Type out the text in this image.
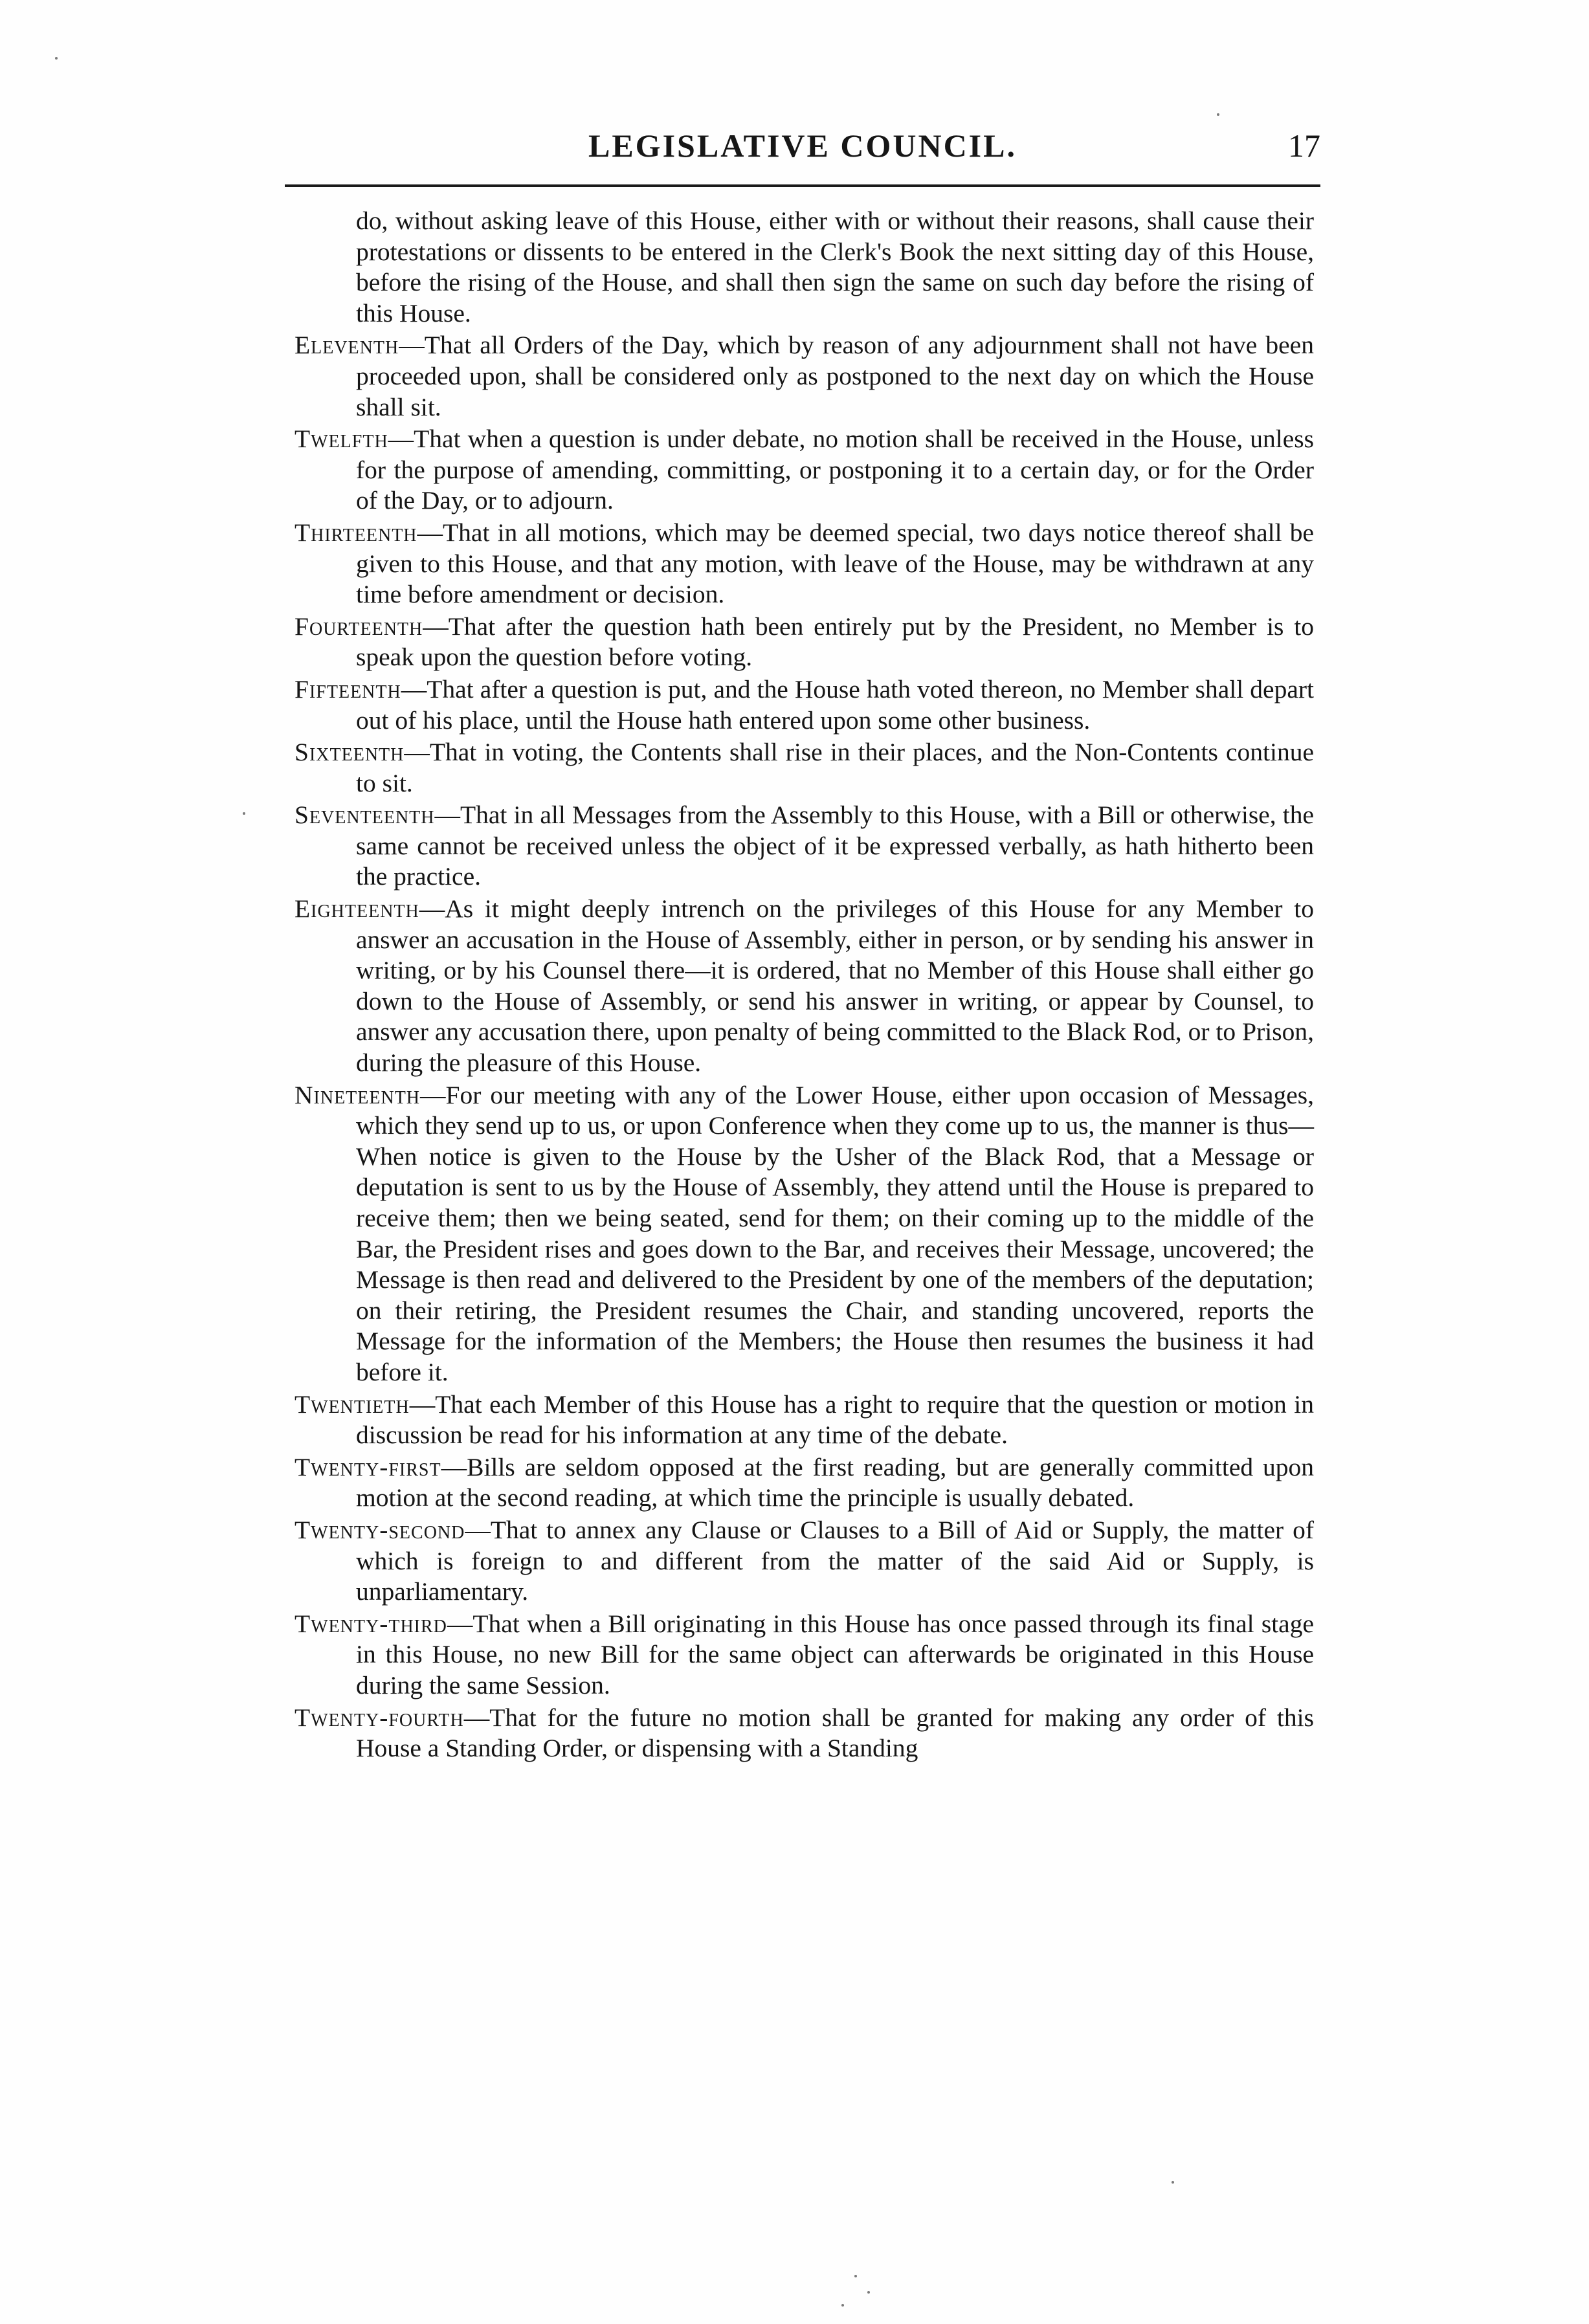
LEGISLATIVE COUNCIL.	17

do, without asking leave of this House, either with or without their reasons, shall cause their protestations or dissents to be entered in the Clerk's Book the next sitting day of this House, before the rising of the House, and shall then sign the same on such day before the rising of this House.

Eleventh—That all Orders of the Day, which by reason of any adjournment shall not have been proceeded upon, shall be considered only as postponed to the next day on which the House shall sit.

Twelfth—That when a question is under debate, no motion shall be received in the House, unless for the purpose of amending, committing, or postponing it to a certain day, or for the Order of the Day, or to adjourn.

Thirteenth—That in all motions, which may be deemed special, two days notice thereof shall be given to this House, and that any motion, with leave of the House, may be withdrawn at any time before amendment or decision.

Fourteenth—That after the question hath been entirely put by the President, no Member is to speak upon the question before voting.

Fifteenth—That after a question is put, and the House hath voted thereon, no Member shall depart out of his place, until the House hath entered upon some other business.

Sixteenth—That in voting, the Contents shall rise in their places, and the Non-Contents continue to sit.

Seventeenth—That in all Messages from the Assembly to this House, with a Bill or otherwise, the same cannot be received unless the object of it be expressed verbally, as hath hitherto been the practice.

Eighteenth—As it might deeply intrench on the privileges of this House for any Member to answer an accusation in the House of Assembly, either in person, or by sending his answer in writing, or by his Counsel there—it is ordered, that no Member of this House shall either go down to the House of Assembly, or send his answer in writing, or appear by Counsel, to answer any accusation there, upon penalty of being committed to the Black Rod, or to Prison, during the pleasure of this House.

Nineteenth—For our meeting with any of the Lower House, either upon occasion of Messages, which they send up to us, or upon Conference when they come up to us, the manner is thus—When notice is given to the House by the Usher of the Black Rod, that a Message or deputation is sent to us by the House of Assembly, they attend until the House is prepared to receive them; then we being seated, send for them; on their coming up to the middle of the Bar, the President rises and goes down to the Bar, and receives their Message, uncovered; the Message is then read and delivered to the President by one of the members of the deputation; on their retiring, the President resumes the Chair, and standing uncovered, reports the Message for the information of the Members; the House then resumes the business it had before it.

Twentieth—That each Member of this House has a right to require that the question or motion in discussion be read for his information at any time of the debate.

Twenty-first—Bills are seldom opposed at the first reading, but are generally committed upon motion at the second reading, at which time the principle is usually debated.

Twenty-second—That to annex any Clause or Clauses to a Bill of Aid or Supply, the matter of which is foreign to and different from the matter of the said Aid or Supply, is unparliamentary.

Twenty-third—That when a Bill originating in this House has once passed through its final stage in this House, no new Bill for the same object can afterwards be originated in this House during the same Session.

Twenty-fourth—That for the future no motion shall be granted for making any order of this House a Standing Order, or dispensing with a Standing
